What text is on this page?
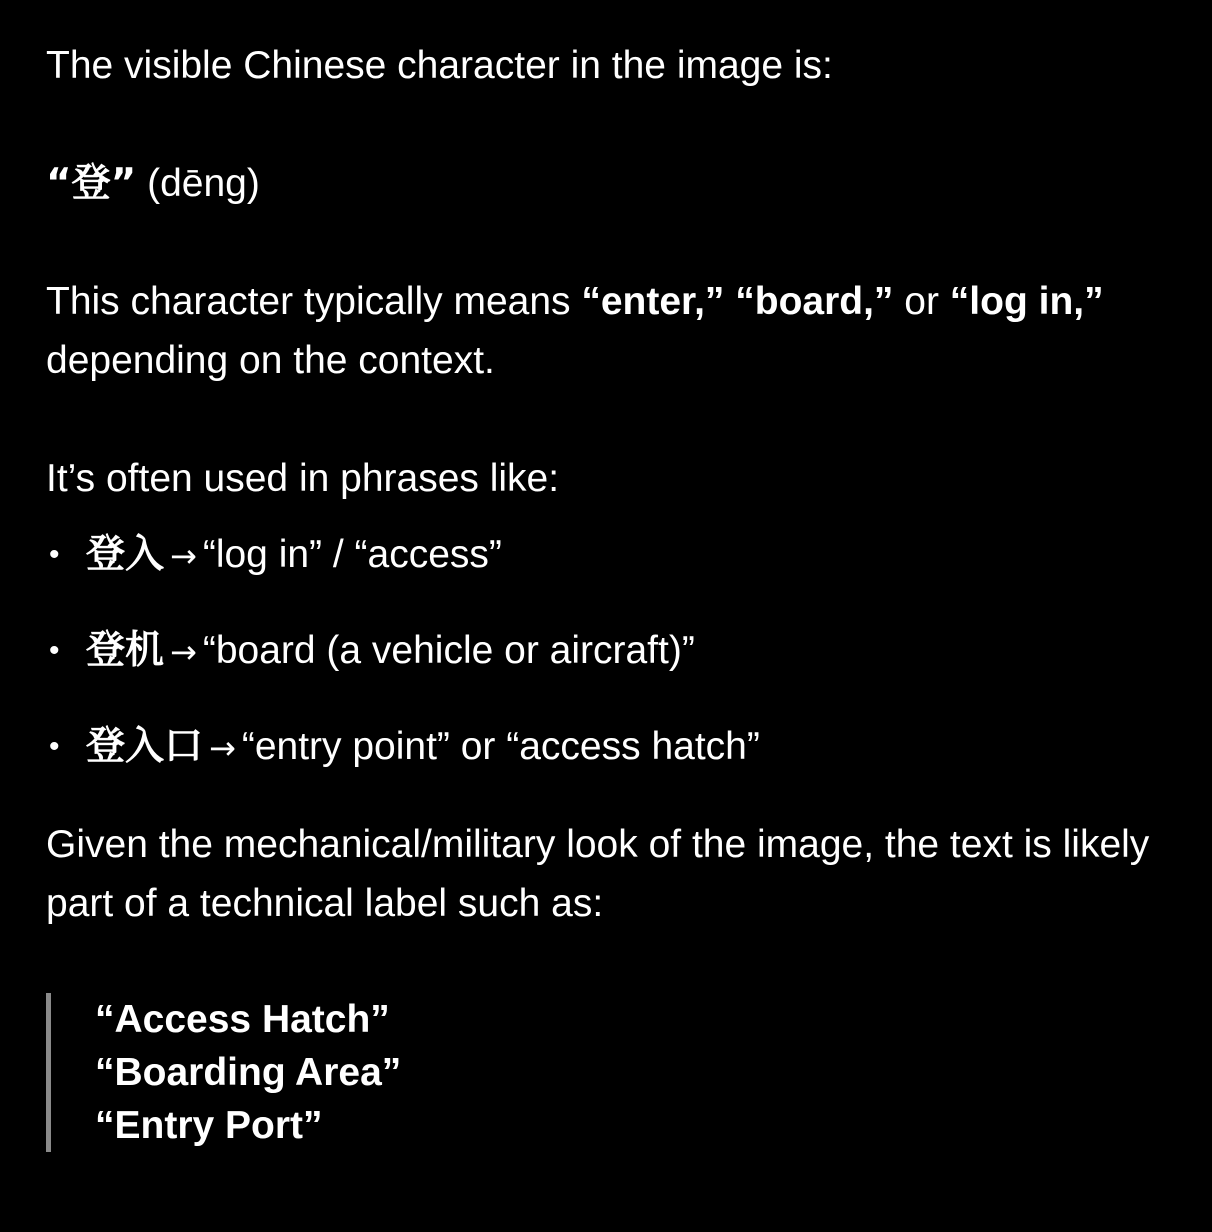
The visible Chinese character in the image is:

“登” (dēng)

This character typically means “enter,” “board,” or “log in,” depending on the context.

It’s often used in phrases like:

• 登入 → “log in” / “access”
• 登机 → “board (a vehicle or aircraft)”
• 登入口 → “entry point” or “access hatch”

Given the mechanical/military look of the image, the text is likely part of a technical label such as:

“Access Hatch”
“Boarding Area”
“Entry Port”
